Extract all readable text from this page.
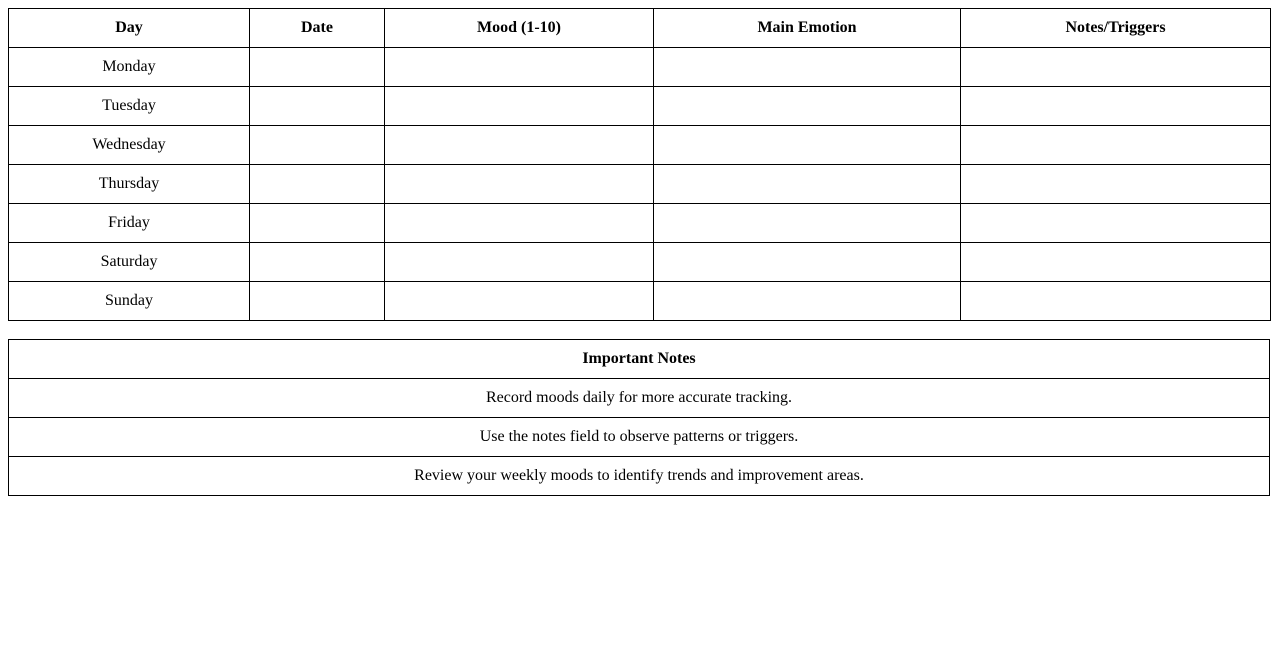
Day	Date	Mood (1-10)	Main Emotion	Notes/Triggers
Monday				
Tuesday				
Wednesday				
Thursday				
Friday				
Saturday				
Sunday				
Important Notes
Record moods daily for more accurate tracking.
Use the notes field to observe patterns or triggers.
Review your weekly moods to identify trends and improvement areas.
